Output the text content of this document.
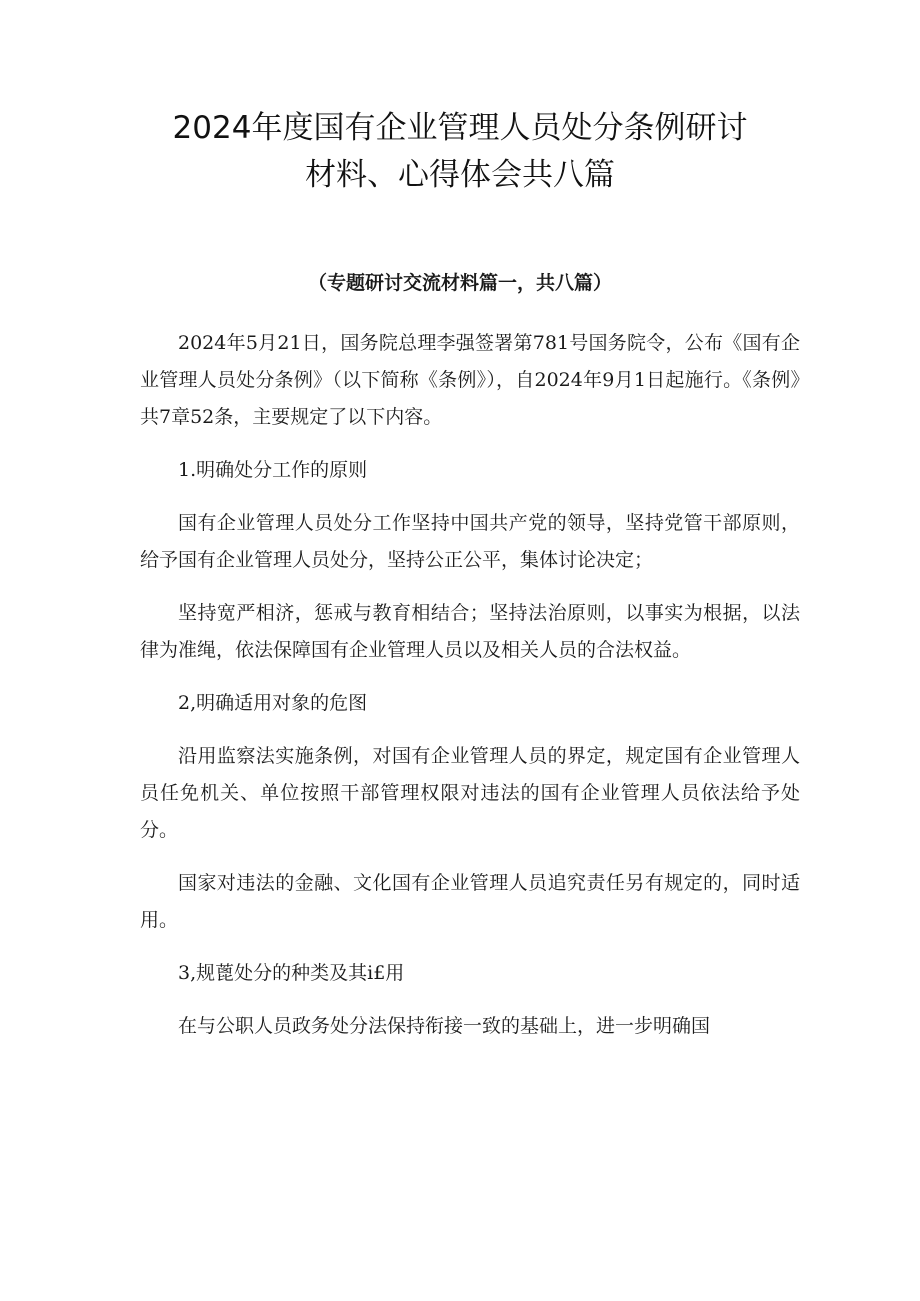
2024年度国有企业管理人员处分条例研讨
材料、心得体会共八篇
（专题研讨交流材料篇一，共八篇）

2024年5月21日，国务院总理李强签署第781号国务院令，公布《国有企业管理人员处分条例》（以下简称《条例》），自2024年9月1日起施行。《条例》共7章52条，主要规定了以下内容。

1.明确处分工作的原则

国有企业管理人员处分工作坚持中国共产党的领导，坚持党管干部原则，给予国有企业管理人员处分，坚持公正公平，集体讨论决定；

坚持宽严相济，惩戒与教育相结合；坚持法治原则，以事实为根据，以法律为准绳，依法保障国有企业管理人员以及相关人员的合法权益。

2,明确适用对象的危图

沿用监察法实施条例，对国有企业管理人员的界定，规定国有企业管理人员任免机关、单位按照干部管理权限对违法的国有企业管理人员依法给予处分。

国家对违法的金融、文化国有企业管理人员追究责任另有规定的，同时适用。

3,规蓖处分的种类及其i£用

在与公职人员政务处分法保持衔接一致的基础上，进一步明确国
